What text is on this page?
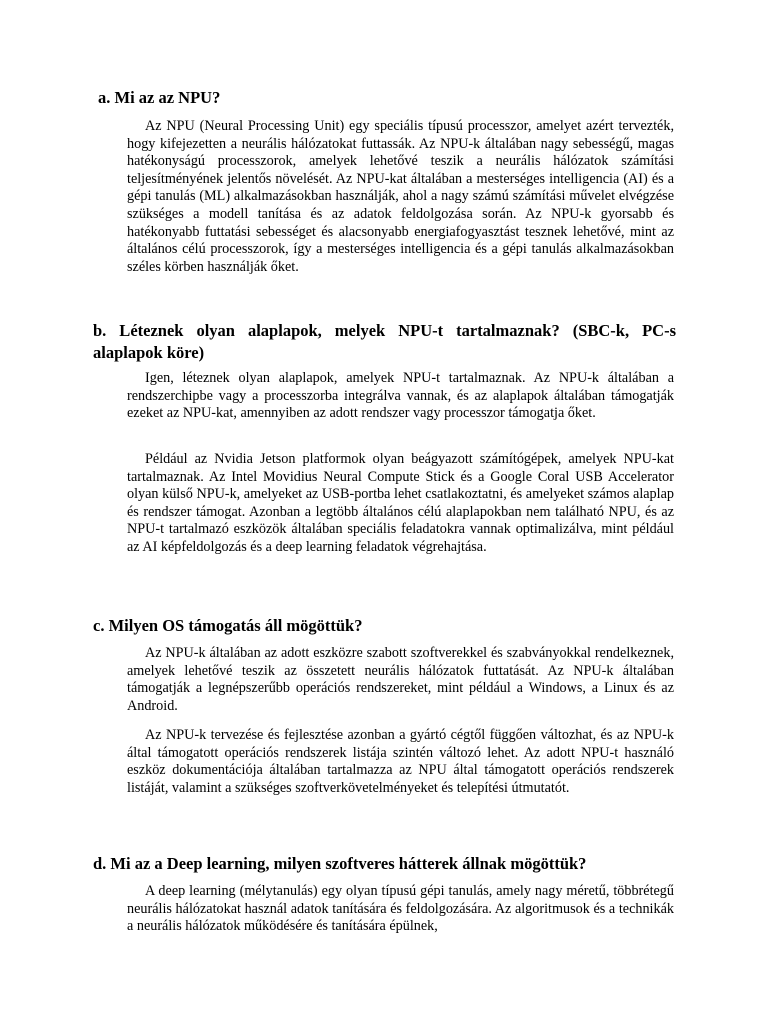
a. Mi az az NPU?

Az NPU (Neural Processing Unit) egy speciális típusú processzor, amelyet azért tervezték, hogy kifejezetten a neurális hálózatokat futtassák. Az NPU-k általában nagy sebességű, magas hatékonyságú processzorok, amelyek lehetővé teszik a neurális hálózatok számítási teljesítményének jelentős növelését. Az NPU-kat általában a mesterséges intelligencia (AI) és a gépi tanulás (ML) alkalmazásokban használják, ahol a nagy számú számítási művelet elvégzése szükséges a modell tanítása és az adatok feldolgozása során. Az NPU-k gyorsabb és hatékonyabb futtatási sebességet és alacsonyabb energiafogyasztást tesznek lehetővé, mint az általános célú processzorok, így a mesterséges intelligencia és a gépi tanulás alkalmazásokban széles körben használják őket.

b. Léteznek olyan alaplapok, melyek NPU-t tartalmaznak? (SBC-k, PC-s alaplapok köre)

Igen, léteznek olyan alaplapok, amelyek NPU-t tartalmaznak. Az NPU-k általában a rendszerchipbe vagy a processzorba integrálva vannak, és az alaplapok általában támogatják ezeket az NPU-kat, amennyiben az adott rendszer vagy processzor támogatja őket.

Például az Nvidia Jetson platformok olyan beágyazott számítógépek, amelyek NPU-kat tartalmaznak. Az Intel Movidius Neural Compute Stick és a Google Coral USB Accelerator olyan külső NPU-k, amelyeket az USB-portba lehet csatlakoztatni, és amelyeket számos alaplap és rendszer támogat. Azonban a legtöbb általános célú alaplapokban nem található NPU, és az NPU-t tartalmazó eszközök általában speciális feladatokra vannak optimalizálva, mint például az AI képfeldolgozás és a deep learning feladatok végrehajtása.

c. Milyen OS támogatás áll mögöttük?

Az NPU-k általában az adott eszközre szabott szoftverekkel és szabványokkal rendelkeznek, amelyek lehetővé teszik az összetett neurális hálózatok futtatását. Az NPU-k általában támogatják a legnépszerűbb operációs rendszereket, mint például a Windows, a Linux és az Android.

Az NPU-k tervezése és fejlesztése azonban a gyártó cégtől függően változhat, és az NPU-k által támogatott operációs rendszerek listája szintén változó lehet. Az adott NPU-t használó eszköz dokumentációja általában tartalmazza az NPU által támogatott operációs rendszerek listáját, valamint a szükséges szoftverkövetelményeket és telepítési útmutatót.

d. Mi az a Deep learning, milyen szoftveres hátterek állnak mögöttük?

A deep learning (mélytanulás) egy olyan típusú gépi tanulás, amely nagy méretű, többrétegű neurális hálózatokat használ adatok tanítására és feldolgozására. Az algoritmusok és a technikák a neurális hálózatok működésére és tanítására épülnek,
